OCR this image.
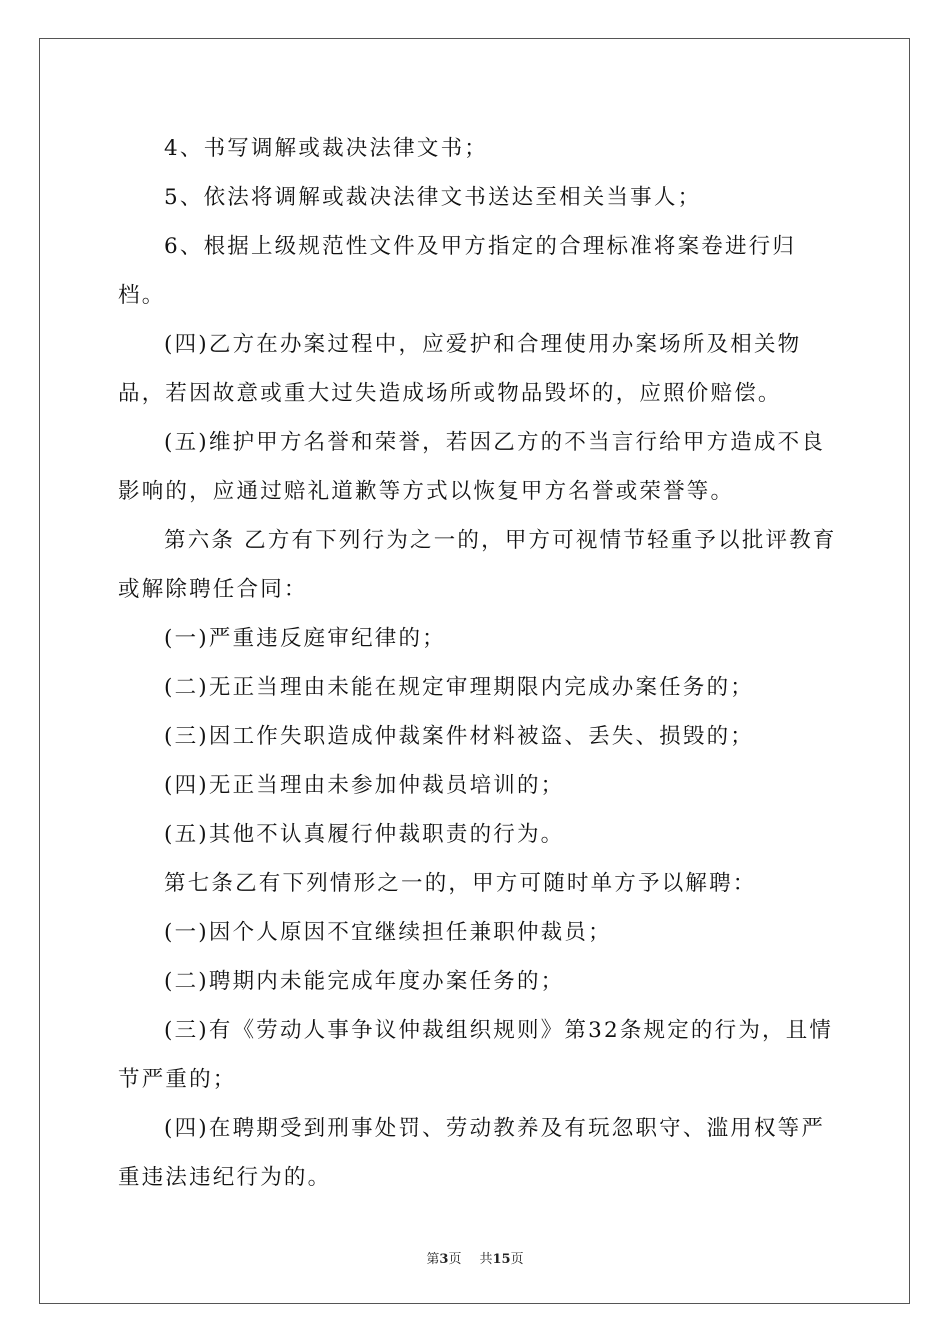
4、书写调解或裁决法律文书；

5、依法将调解或裁决法律文书送达至相关当事人；

6、根据上级规范性文件及甲方指定的合理标准将案卷进行归档。

(四)乙方在办案过程中，应爱护和合理使用办案场所及相关物品，若因故意或重大过失造成场所或物品毁坏的，应照价赔偿。

(五)维护甲方名誉和荣誉，若因乙方的不当言行给甲方造成不良影响的，应通过赔礼道歉等方式以恢复甲方名誉或荣誉等。

第六条 乙方有下列行为之一的，甲方可视情节轻重予以批评教育或解除聘任合同：

(一)严重违反庭审纪律的；

(二)无正当理由未能在规定审理期限内完成办案任务的；

(三)因工作失职造成仲裁案件材料被盗、丢失、损毁的；

(四)无正当理由未参加仲裁员培训的；

(五)其他不认真履行仲裁职责的行为。

第七条乙有下列情形之一的，甲方可随时单方予以解聘：

(一)因个人原因不宜继续担任兼职仲裁员；

(二)聘期内未能完成年度办案任务的；

(三)有《劳动人事争议仲裁组织规则》第32条规定的行为，且情节严重的；

(四)在聘期受到刑事处罚、劳动教养及有玩忽职守、滥用权等严重违法违纪行为的。

第3页 共15页
